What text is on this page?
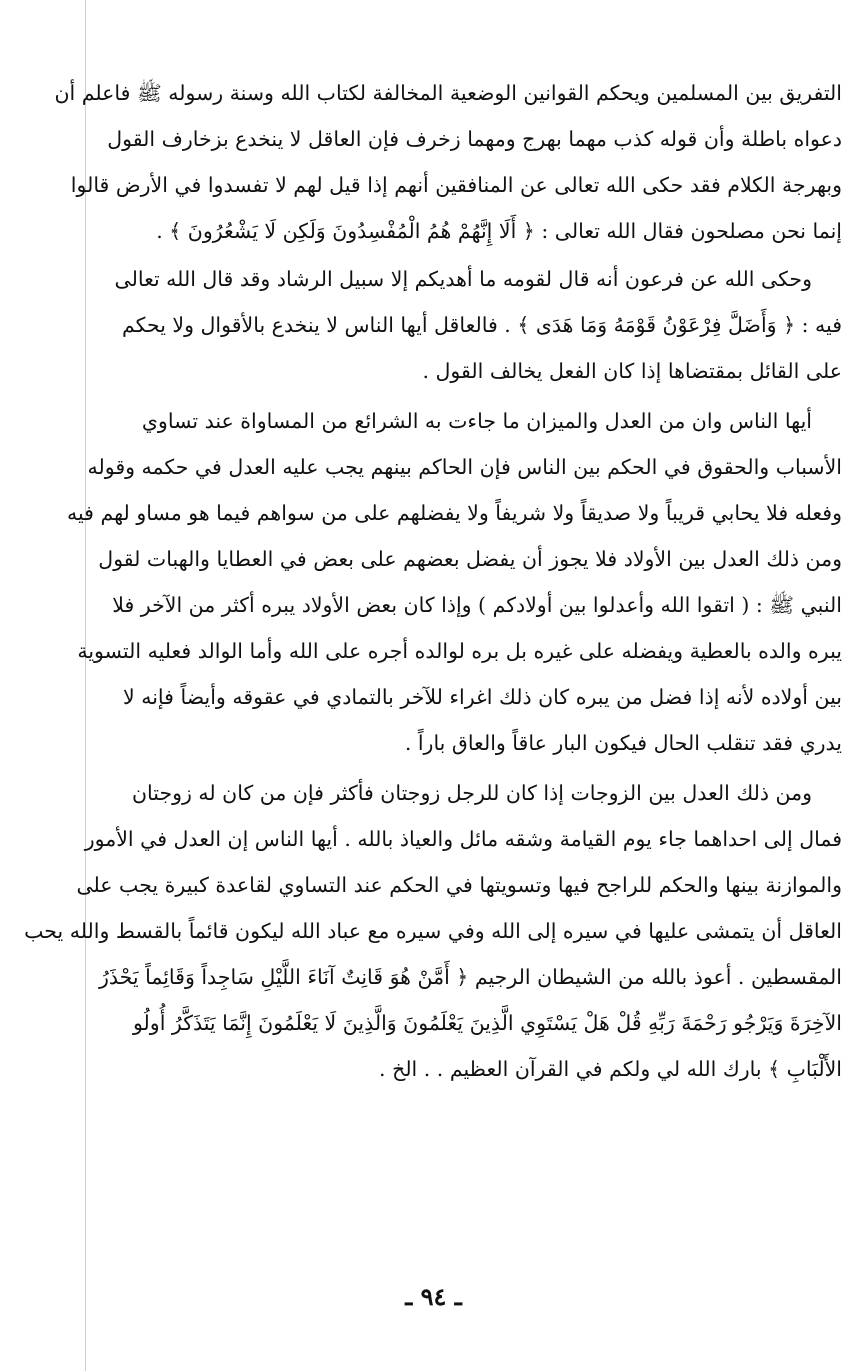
التفريق بين المسلمين ويحكم القوانين الوضعية المخالفة لكتاب الله وسنة رسوله ﷺ فاعلم أن
دعواه باطلة وأن قوله كذب مهما بهرج ومهما زخرف فإن العاقل لا ينخدع بزخارف القول
وبهرجة الكلام فقد حكى الله تعالى عن المنافقين أنهم إذا قيل لهم لا تفسدوا في الأرض قالوا
إنما نحن مصلحون فقال الله تعالى : ﴿ أَلَا إِنَّهُمْ هُمُ الْمُفْسِدُونَ وَلَكِن لَا يَشْعُرُونَ ﴾ .
وحكى الله عن فرعون أنه قال لقومه ما أهديكم إلا سبيل الرشاد وقد قال الله تعالى
فيه : ﴿ وَأَضَلَّ فِرْعَوْنُ قَوْمَهُ وَمَا هَدَى ﴾ . فالعاقل أيها الناس لا ينخدع بالأقوال ولا يحكم
على القائل بمقتضاها إذا كان الفعل يخالف القول .
أيها الناس وان من العدل والميزان ما جاءت به الشرائع من المساواة عند تساوي
الأسباب والحقوق في الحكم بين الناس فإن الحاكم بينهم يجب عليه العدل في حكمه وقوله
وفعله فلا يحابي قريباً ولا صديقاً ولا شريفاً ولا يفضلهم على من سواهم فيما هو مساو لهم فيه
ومن ذلك العدل بين الأولاد فلا يجوز أن يفضل بعضهم على بعض في العطايا والهبات لقول
النبي ﷺ : ( اتقوا الله وأعدلوا بين أولادكم ) وإذا كان بعض الأولاد يبره أكثر من الآخر فلا
يبره والده بالعطية ويفضله على غيره بل بره لوالده أجره على الله وأما الوالد فعليه التسوية
بين أولاده لأنه إذا فضل من يبره كان ذلك اغراء للآخر بالتمادي في عقوقه وأيضاً فإنه لا
يدري فقد تنقلب الحال فيكون البار عاقاً والعاق باراً .
ومن ذلك العدل بين الزوجات إذا كان للرجل زوجتان فأكثر فإن من كان له زوجتان
فمال إلى احداهما جاء يوم القيامة وشقه مائل والعياذ بالله . أيها الناس إن العدل في الأمور
والموازنة بينها والحكم للراجح فيها وتسويتها في الحكم عند التساوي لقاعدة كبيرة يجب على
العاقل أن يتمشى عليها في سيره إلى الله وفي سيره مع عباد الله ليكون قائماً بالقسط والله يحب
المقسطين . أعوذ بالله من الشيطان الرجيم ﴿ أَمَّنْ هُوَ قَانِتٌ آنَاءَ اللَّيْلِ سَاجِداً وَقَائِماً يَحْذَرُ
الآخِرَةَ وَيَرْجُو رَحْمَةَ رَبِّهِ قُلْ هَلْ يَسْتَوِي الَّذِينَ يَعْلَمُونَ وَالَّذِينَ لَا يَعْلَمُونَ إِنَّمَا يَتَذَكَّرُ أُولُو
الأَلْبَابِ ﴾ بارك الله لي ولكم في القرآن العظيم . . الخ .
ـ ٩٤ ـ
